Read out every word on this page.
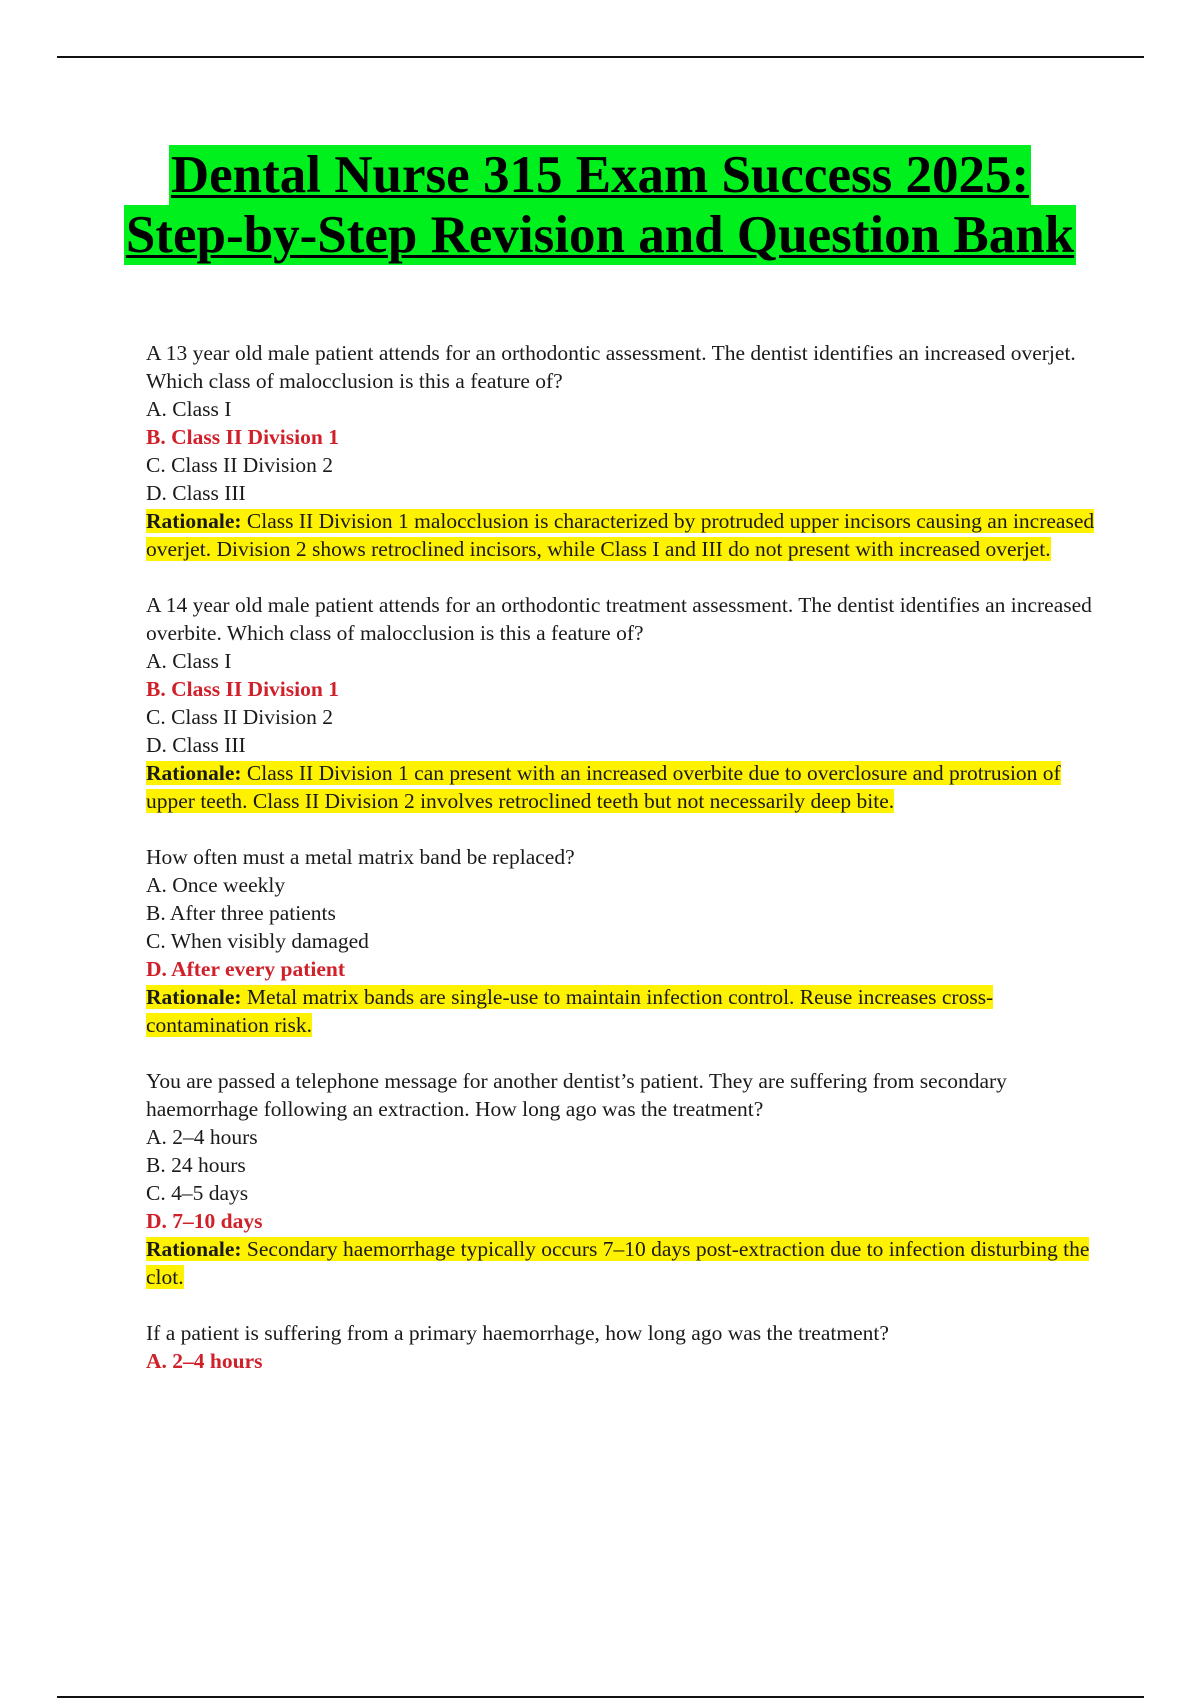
Dental Nurse 315 Exam Success 2025:
Step-by-Step Revision and Question Bank
A 13 year old male patient attends for an orthodontic assessment. The dentist identifies an increased overjet. Which class of malocclusion is this a feature of?
A. Class I
B. Class II Division 1
C. Class II Division 2
D. Class III
Rationale: Class II Division 1 malocclusion is characterized by protruded upper incisors causing an increased overjet. Division 2 shows retroclined incisors, while Class I and III do not present with increased overjet.
A 14 year old male patient attends for an orthodontic treatment assessment. The dentist identifies an increased overbite. Which class of malocclusion is this a feature of?
A. Class I
B. Class II Division 1
C. Class II Division 2
D. Class III
Rationale: Class II Division 1 can present with an increased overbite due to overclosure and protrusion of upper teeth. Class II Division 2 involves retroclined teeth but not necessarily deep bite.
How often must a metal matrix band be replaced?
A. Once weekly
B. After three patients
C. When visibly damaged
D. After every patient
Rationale: Metal matrix bands are single-use to maintain infection control. Reuse increases cross-contamination risk.
You are passed a telephone message for another dentist’s patient. They are suffering from secondary haemorrhage following an extraction. How long ago was the treatment?
A. 2–4 hours
B. 24 hours
C. 4–5 days
D. 7–10 days
Rationale: Secondary haemorrhage typically occurs 7–10 days post-extraction due to infection disturbing the clot.
If a patient is suffering from a primary haemorrhage, how long ago was the treatment?
A. 2–4 hours
